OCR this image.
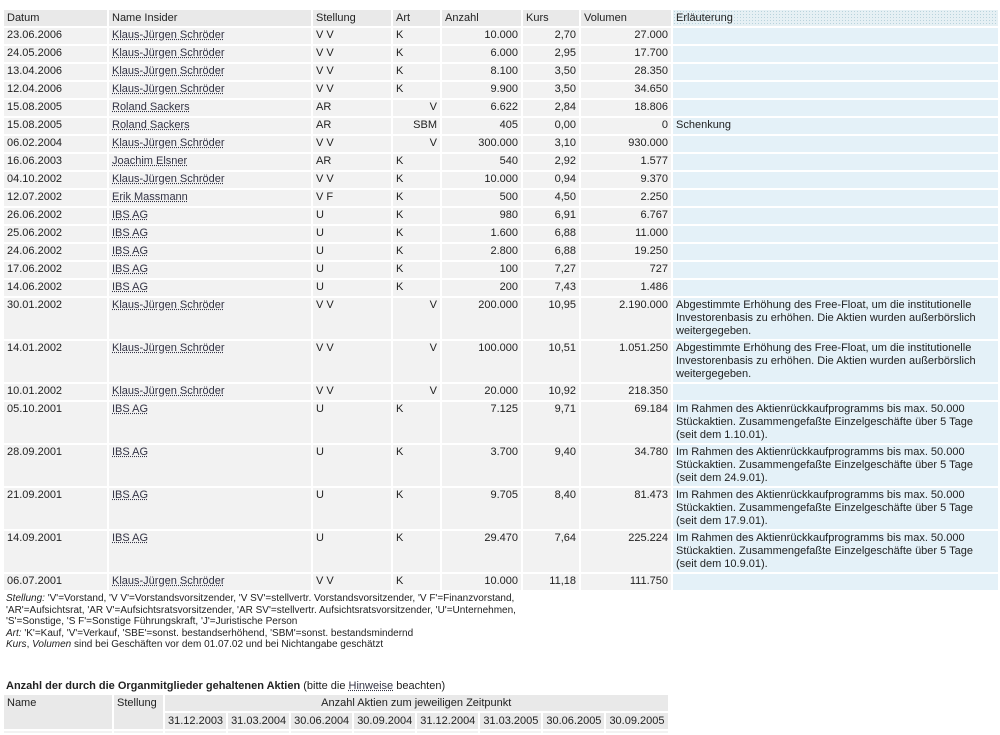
Datum	Name Insider	Stellung	Art	Anzahl	Kurs	Volumen	Erläuterung
23.06.2006	Klaus-Jürgen Schröder	V V	K	10.000	2,70	27.000	
24.05.2006	Klaus-Jürgen Schröder	V V	K	6.000	2,95	17.700	
13.04.2006	Klaus-Jürgen Schröder	V V	K	8.100	3,50	28.350	
12.04.2006	Klaus-Jürgen Schröder	V V	K	9.900	3,50	34.650	
15.08.2005	Roland Sackers	AR	V	6.622	2,84	18.806	
15.08.2005	Roland Sackers	AR	SBM	405	0,00	0	Schenkung
06.02.2004	Klaus-Jürgen Schröder	V V	V	300.000	3,10	930.000	
16.06.2003	Joachim Elsner	AR	K	540	2,92	1.577	
04.10.2002	Klaus-Jürgen Schröder	V V	K	10.000	0,94	9.370	
12.07.2002	Erik Massmann	V F	K	500	4,50	2.250	
26.06.2002	IBS AG	U	K	980	6,91	6.767	
25.06.2002	IBS AG	U	K	1.600	6,88	11.000	
24.06.2002	IBS AG	U	K	2.800	6,88	19.250	
17.06.2002	IBS AG	U	K	100	7,27	727	
14.06.2002	IBS AG	U	K	200	7,43	1.486	
30.01.2002	Klaus-Jürgen Schröder	V V	V	200.000	10,95	2.190.000	Abgestimmte Erhöhung des Free-Float, um die institutionelle Investorenbasis zu erhöhen. Die Aktien wurden außerbörslich weitergegeben.
14.01.2002	Klaus-Jürgen Schröder	V V	V	100.000	10,51	1.051.250	Abgestimmte Erhöhung des Free-Float, um die institutionelle Investorenbasis zu erhöhen. Die Aktien wurden außerbörslich weitergegeben.
10.01.2002	Klaus-Jürgen Schröder	V V	V	20.000	10,92	218.350	
05.10.2001	IBS AG	U	K	7.125	9,71	69.184	Im Rahmen des Aktienrückkaufprogramms bis max. 50.000 Stückaktien. Zusammengefaßte Einzelgeschäfte über 5 Tage (seit dem 1.10.01).
28.09.2001	IBS AG	U	K	3.700	9,40	34.780	Im Rahmen des Aktienrückkaufprogramms bis max. 50.000 Stückaktien. Zusammengefaßte Einzelgeschäfte über 5 Tage (seit dem 24.9.01).
21.09.2001	IBS AG	U	K	9.705	8,40	81.473	Im Rahmen des Aktienrückkaufprogramms bis max. 50.000 Stückaktien. Zusammengefaßte Einzelgeschäfte über 5 Tage (seit dem 17.9.01).
14.09.2001	IBS AG	U	K	29.470	7,64	225.224	Im Rahmen des Aktienrückkaufprogramms bis max. 50.000 Stückaktien. Zusammengefaßte Einzelgeschäfte über 5 Tage (seit dem 10.9.01).
06.07.2001	Klaus-Jürgen Schröder	V V	K	10.000	11,18	111.750	
Stellung: 'V'=Vorstand, 'V V'=Vorstandsvorsitzender, 'V SV'=stellvertr. Vorstandsvorsitzender, 'V F'=Finanzvorstand, 'AR'=Aufsichtsrat, 'AR V'=Aufsichtsratsvorsitzender, 'AR SV'=stellvertr. Aufsichtsratsvorsitzender, 'U'=Unternehmen, 'S'=Sonstige, 'S F'=Sonstige Führungskraft, 'J'=Juristische Person
Art: 'K'=Kauf, 'V'=Verkauf, 'SBE'=sonst. bestandserhöhend, 'SBM'=sonst. bestandsmindernd
Kurs, Volumen sind bei Geschäften vor dem 01.07.02 und bei Nichtangabe geschätzt
Anzahl der durch die Organmitglieder gehaltenen Aktien (bitte die Hinweise beachten)
Name	Stellung	Anzahl Aktien zum jeweiligen Zeitpunkt							
		31.12.2003	31.03.2004	30.06.2004	30.09.2004	31.12.2004	31.03.2005	30.06.2005	30.09.2005
